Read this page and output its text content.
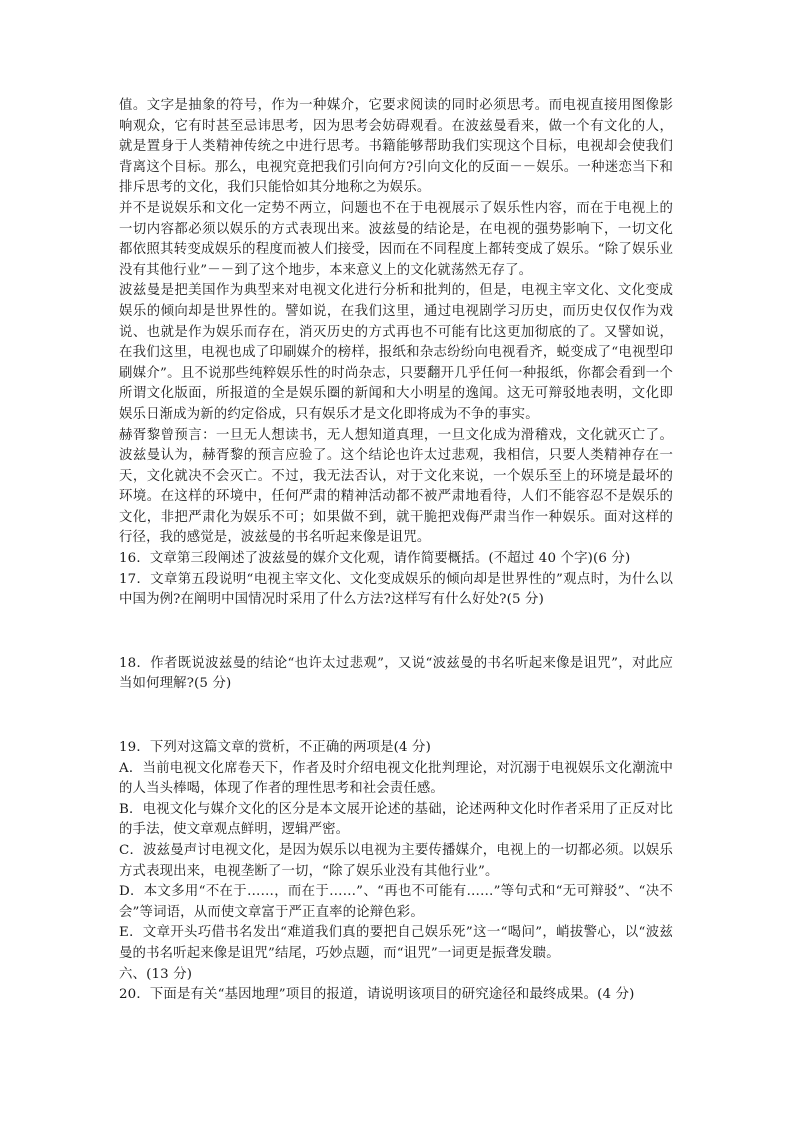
值。文字是抽象的符号，作为一种媒介，它要求阅读的同时必须思考。而电视直接用图像影响观众，它有时甚至忌讳思考，因为思考会妨碍观看。在波兹曼看来，做一个有文化的人，就是置身于人类精神传统之中进行思考。书籍能够帮助我们实现这个目标，电视却会使我们背离这个目标。那么，电视究竟把我们引向何方?引向文化的反面－－娱乐。一种迷恋当下和排斥思考的文化，我们只能恰如其分地称之为娱乐。

并不是说娱乐和文化一定势不两立，问题也不在于电视展示了娱乐性内容，而在于电视上的一切内容都必须以娱乐的方式表现出来。波兹曼的结论是，在电视的强势影响下，一切文化都依照其转变成娱乐的程度而被人们接受，因而在不同程度上都转变成了娱乐。“除了娱乐业没有其他行业”－－到了这个地步，本来意义上的文化就荡然无存了。

波兹曼是把美国作为典型来对电视文化进行分析和批判的，但是，电视主宰文化、文化变成娱乐的倾向却是世界性的。譬如说，在我们这里，通过电视剧学习历史，而历史仅仅作为戏说、也就是作为娱乐而存在，消灭历史的方式再也不可能有比这更加彻底的了。又譬如说，在我们这里，电视也成了印刷媒介的榜样，报纸和杂志纷纷向电视看齐，蜕变成了“电视型印刷媒介”。且不说那些纯粹娱乐性的时尚杂志，只要翻开几乎任何一种报纸，你都会看到一个所谓文化版面，所报道的全是娱乐圈的新闻和大小明星的逸闻。这无可辩驳地表明，文化即娱乐日渐成为新的约定俗成，只有娱乐才是文化即将成为不争的事实。

赫胥黎曾预言：一旦无人想读书，无人想知道真理，一旦文化成为滑稽戏，文化就灭亡了。波兹曼认为，赫胥黎的预言应验了。这个结论也许太过悲观，我相信，只要人类精神存在一天，文化就决不会灭亡。不过，我无法否认，对于文化来说，一个娱乐至上的环境是最坏的环境。在这样的环境中，任何严肃的精神活动都不被严肃地看待，人们不能容忍不是娱乐的文化，非把严肃化为娱乐不可；如果做不到，就干脆把戏侮严肃当作一种娱乐。面对这样的行径，我的感觉是，波兹曼的书名听起来像是诅咒。

16．文章第三段阐述了波兹曼的媒介文化观，请作简要概括。(不超过 40 个字)(6 分)

17．文章第五段说明“电视主宰文化、文化变成娱乐的倾向却是世界性的”观点时，为什么以中国为例?在阐明中国情况时采用了什么方法?这样写有什么好处?(5 分)

18．作者既说波兹曼的结论“也许太过悲观”，又说“波兹曼的书名听起来像是诅咒”，对此应当如何理解?(5 分)

19．下列对这篇文章的赏析，不正确的两项是(4 分)

A．当前电视文化席卷天下，作者及时介绍电视文化批判理论，对沉溺于电视娱乐文化潮流中的人当头棒喝，体现了作者的理性思考和社会责任感。

B．电视文化与媒介文化的区分是本文展开论述的基础，论述两种文化时作者采用了正反对比的手法，使文章观点鲜明，逻辑严密。

C．波兹曼声讨电视文化，是因为娱乐以电视为主要传播媒介，电视上的一切都必须。以娱乐方式表现出来，电视垄断了一切，“除了娱乐业没有其他行业”。

D．本文多用“不在于……，而在于……”、“再也不可能有……”等句式和“无可辩驳”、“决不会”等词语，从而使文章富于严正直率的论辩色彩。

E．文章开头巧借书名发出“难道我们真的要把自己娱乐死”这一“喝问”，峭拔警心，以“波兹曼的书名听起来像是诅咒”结尾，巧妙点题，而“诅咒”一词更是振聋发聩。

六、(13 分)

20．下面是有关“基因地理”项目的报道，请说明该项目的研究途径和最终成果。(4 分)
